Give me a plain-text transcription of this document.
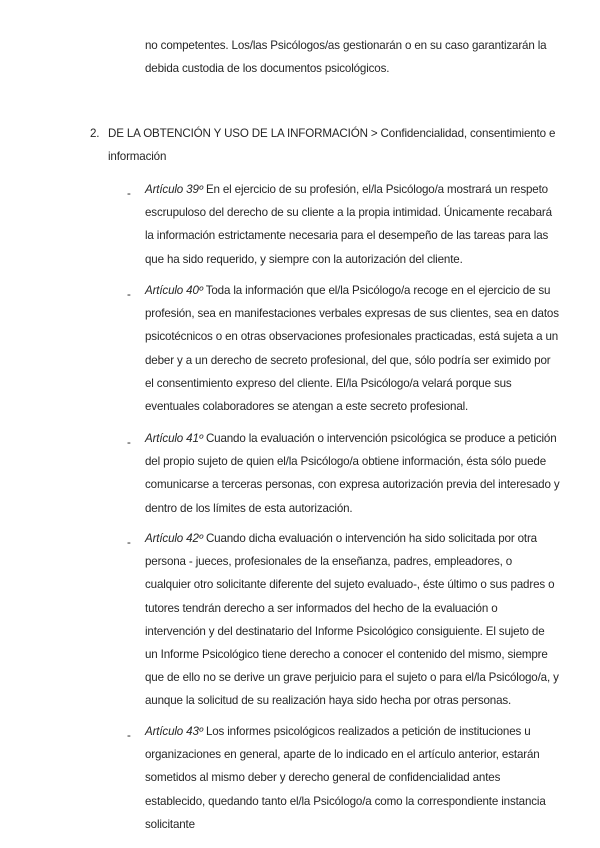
no competentes. Los/las Psicólogos/as gestionarán o en su caso garantizarán la debida custodia de los documentos psicológicos.
2. DE LA OBTENCIÓN Y USO DE LA INFORMACIÓN > Confidencialidad, consentimiento e información
- Artículo 39º En el ejercicio de su profesión, el/la Psicólogo/a mostrará un respeto escrupuloso del derecho de su cliente a la propia intimidad. Únicamente recabará la información estrictamente necesaria para el desempeño de las tareas para las que ha sido requerido, y siempre con la autorización del cliente.
- Artículo 40º Toda la información que el/la Psicólogo/a recoge en el ejercicio de su profesión, sea en manifestaciones verbales expresas de sus clientes, sea en datos psicotécnicos o en otras observaciones profesionales practicadas, está sujeta a un deber y a un derecho de secreto profesional, del que, sólo podría ser eximido por el consentimiento expreso del cliente. El/la Psicólogo/a velará porque sus eventuales colaboradores se atengan a este secreto profesional.
- Artículo 41º Cuando la evaluación o intervención psicológica se produce a petición del propio sujeto de quien el/la Psicólogo/a obtiene información, ésta sólo puede comunicarse a terceras personas, con expresa autorización previa del interesado y dentro de los límites de esta autorización.
- Artículo 42º Cuando dicha evaluación o intervención ha sido solicitada por otra persona - jueces, profesionales de la enseñanza, padres, empleadores, o cualquier otro solicitante diferente del sujeto evaluado-, éste último o sus padres o tutores tendrán derecho a ser informados del hecho de la evaluación o intervención y del destinatario del Informe Psicológico consiguiente. El sujeto de un Informe Psicológico tiene derecho a conocer el contenido del mismo, siempre que de ello no se derive un grave perjuicio para el sujeto o para el/la Psicólogo/a, y aunque la solicitud de su realización haya sido hecha por otras personas.
- Artículo 43º Los informes psicológicos realizados a petición de instituciones u organizaciones en general, aparte de lo indicado en el artículo anterior, estarán sometidos al mismo deber y derecho general de confidencialidad antes establecido, quedando tanto el/la Psicólogo/a como la correspondiente instancia solicitante
